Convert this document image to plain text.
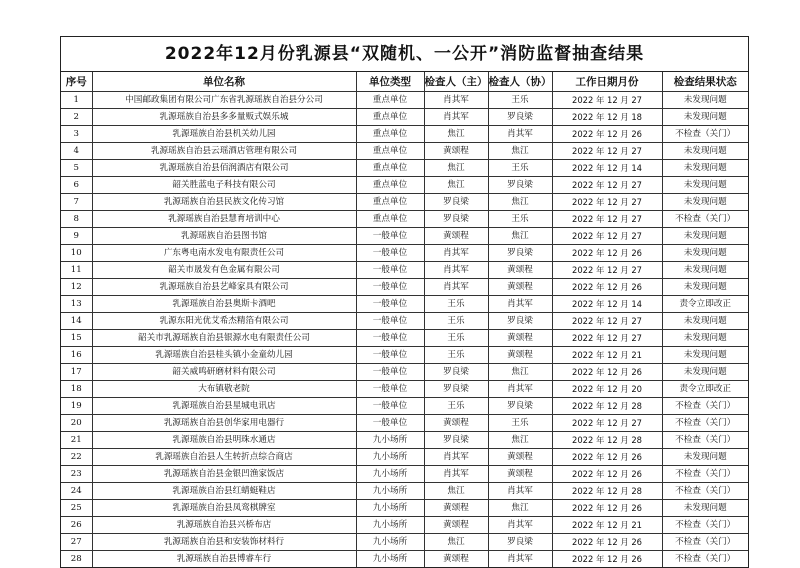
2022年12月份乳源县“双随机、一公开”消防监督抽查结果
序号	单位名称	单位类型	检查人（主）	检查人（协）	工作日期月份	检查结果状态
1	中国邮政集团有限公司广东省乳源瑶族自治县分公司	重点单位	肖其军	王乐	2022 年 12 月 27	未发现问题
2	乳源瑶族自治县多多量贩式娱乐城	重点单位	肖其军	罗良梁	2022 年 12 月 18	未发现问题
3	乳源瑶族自治县机关幼儿园	重点单位	焦江	肖其军	2022 年 12 月 26	不检查（关门）
4	乳源瑶族自治县云瑶酒店管理有限公司	重点单位	黄颂程	焦江	2022 年 12 月 27	未发现问题
5	乳源瑶族自治县佰润酒店有限公司	重点单位	焦江	王乐	2022 年 12 月 14	未发现问题
6	韶关胜蓝电子科技有限公司	重点单位	焦江	罗良梁	2022 年 12 月 27	未发现问题
7	乳源瑶族自治县民族文化传习馆	重点单位	罗良梁	焦江	2022 年 12 月 27	未发现问题
8	乳源瑶族自治县慧育培训中心	重点单位	罗良梁	王乐	2022 年 12 月 27	不检查（关门）
9	乳源瑶族自治县图书馆	一般单位	黄颂程	焦江	2022 年 12 月 27	未发现问题
10	广东粤电南水发电有限责任公司	一般单位	肖其军	罗良梁	2022 年 12 月 26	未发现问题
11	韶关市晟发有色金属有限公司	一般单位	肖其军	黄颂程	2022 年 12 月 27	未发现问题
12	乳源瑶族自治县艺峰家具有限公司	一般单位	肖其军	黄颂程	2022 年 12 月 26	未发现问题
13	乳源瑶族自治县奥斯卡酒吧	一般单位	王乐	肖其军	2022 年 12 月 14	责令立即改正
14	乳源东阳光优艾希杰精箔有限公司	一般单位	王乐	罗良梁	2022 年 12 月 27	未发现问题
15	韶关市乳源瑶族自治县银源水电有限责任公司	一般单位	王乐	黄颂程	2022 年 12 月 27	未发现问题
16	乳源瑶族自治县桂头镇小金童幼儿园	一般单位	王乐	黄颂程	2022 年 12 月 21	未发现问题
17	韶关威鸣研磨材料有限公司	一般单位	罗良梁	焦江	2022 年 12 月 26	未发现问题
18	大布镇敬老院	一般单位	罗良梁	肖其军	2022 年 12 月 20	责令立即改正
19	乳源瑶族自治县星城电讯店	一般单位	王乐	罗良梁	2022 年 12 月 28	不检查（关门）
20	乳源瑶族自治县创华家用电器行	一般单位	黄颂程	王乐	2022 年 12 月 27	不检查（关门）
21	乳源瑶族自治县明珠水通店	九小场所	罗良梁	焦江	2022 年 12 月 28	不检查（关门）
22	乳源瑶族自治县人生转折点综合商店	九小场所	肖其军	黄颂程	2022 年 12 月 26	未发现问题
23	乳源瑶族自治县金银凹渔家饭店	九小场所	肖其军	黄颂程	2022 年 12 月 26	不检查（关门）
24	乳源瑶族自治县红蜻蜓鞋店	九小场所	焦江	肖其军	2022 年 12 月 28	不检查（关门）
25	乳源瑶族自治县凤鸾棋牌室	九小场所	黄颂程	焦江	2022 年 12 月 26	未发现问题
26	乳源瑶族自治县兴桥布店	九小场所	黄颂程	肖其军	2022 年 12 月 21	不检查（关门）
27	乳源瑶族自治县和安装饰材料行	九小场所	焦江	罗良梁	2022 年 12 月 26	不检查（关门）
28	乳源瑶族自治县博睿车行	九小场所	黄颂程	肖其军	2022 年 12 月 26	不检查（关门）
